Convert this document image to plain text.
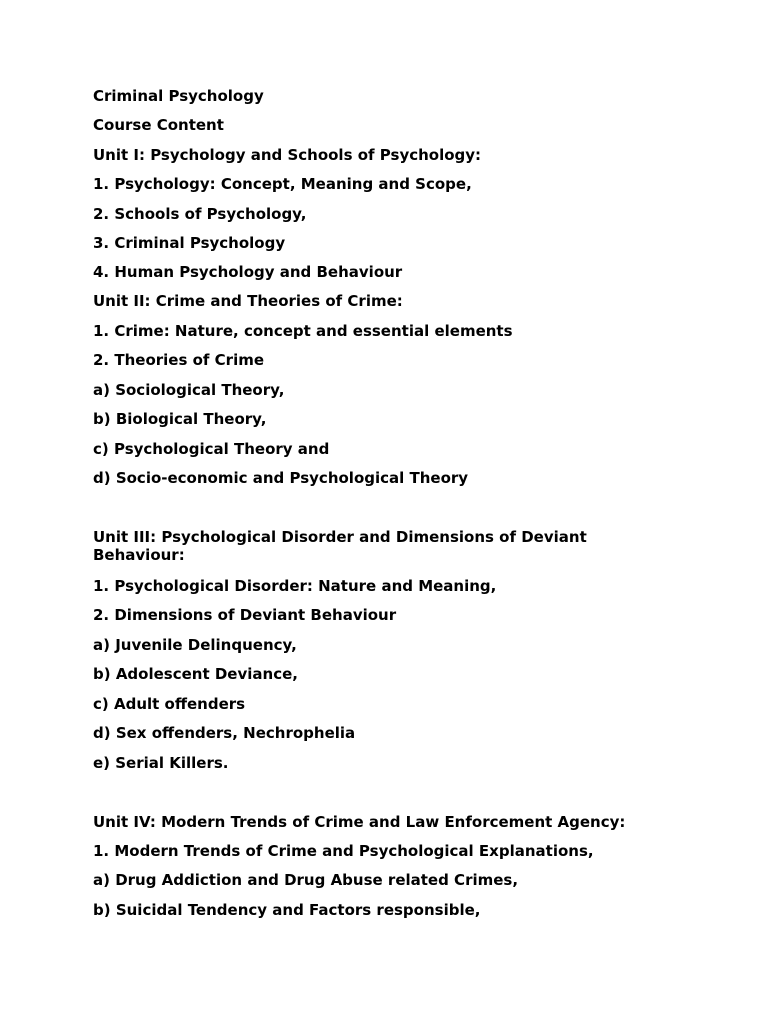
Criminal Psychology

Course Content

Unit I: Psychology and Schools of Psychology:

1. Psychology: Concept, Meaning and Scope,

2. Schools of Psychology,

3. Criminal Psychology

4. Human Psychology and Behaviour

Unit II: Crime and Theories of Crime:

1. Crime: Nature, concept and essential elements

2. Theories of Crime

a) Sociological Theory,

b) Biological Theory,

c) Psychological Theory and

d) Socio-economic and Psychological Theory

Unit III: Psychological Disorder and Dimensions of Deviant Behaviour:

1. Psychological Disorder: Nature and Meaning,

2. Dimensions of Deviant Behaviour

a) Juvenile Delinquency,

b) Adolescent Deviance,

c) Adult offenders

d) Sex offenders, Nechrophelia

e) Serial Killers.

Unit IV: Modern Trends of Crime and Law Enforcement Agency:

1. Modern Trends of Crime and Psychological Explanations,

a) Drug Addiction and Drug Abuse related Crimes,

b) Suicidal Tendency and Factors responsible,
